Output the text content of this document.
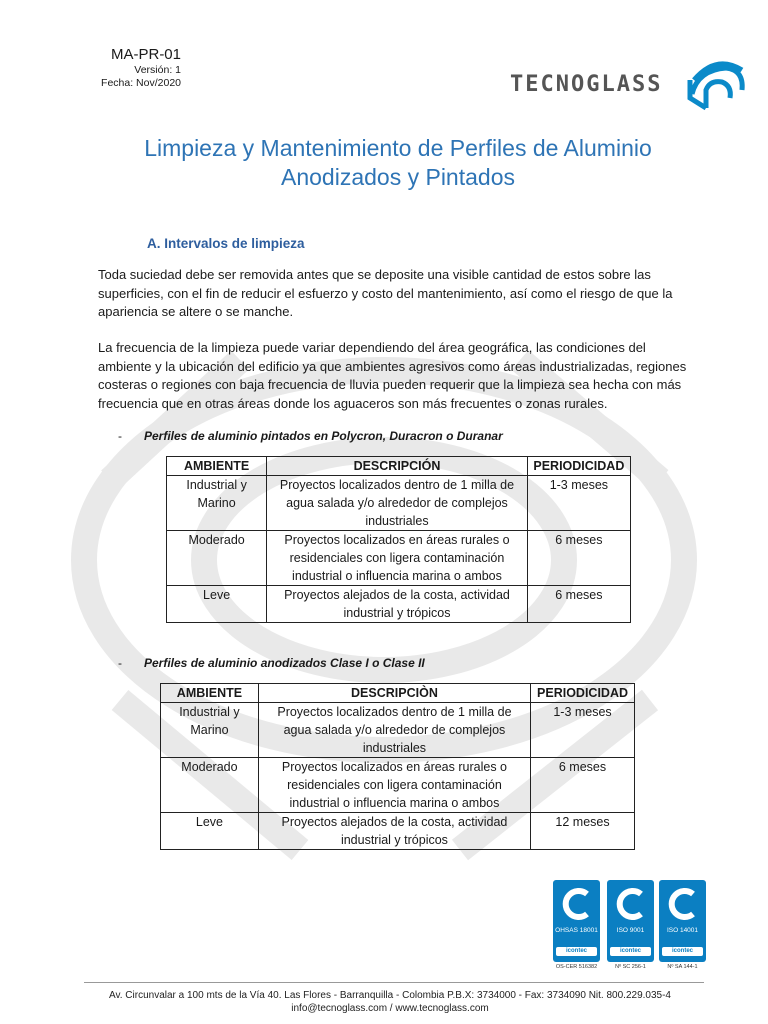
MA-PR-01
Versión: 1
Fecha: Nov/2020	TECNOGLASS
Limpieza y Mantenimiento de Perfiles de Aluminio
Anodizados y Pintados
A. Intervalos de limpieza
Toda suciedad debe ser removida antes que se deposite una visible cantidad de estos sobre las superficies, con el fin de reducir el esfuerzo y costo del mantenimiento, así como el riesgo de que la apariencia se altere o se manche.
La frecuencia de la limpieza puede variar dependiendo del área geográfica, las condiciones del ambiente y la ubicación del edificio ya que ambientes agresivos como áreas industrializadas, regiones costeras o regiones con baja frecuencia de lluvia pueden requerir que la limpieza sea hecha con más frecuencia que en otras áreas donde los aguaceros son más frecuentes o zonas rurales.
- Perfiles de aluminio pintados en Polycron, Duracron o Duranar
AMBIENTE	DESCRIPCIÓN	PERIODICIDAD
Industrial y Marino	Proyectos localizados dentro de 1 milla de agua salada y/o alrededor de complejos industriales	1-3 meses
Moderado	Proyectos localizados en áreas rurales o residenciales con ligera contaminación industrial o influencia marina o ambos	6 meses
Leve	Proyectos alejados de la costa, actividad industrial y trópicos	6 meses
- Perfiles de aluminio anodizados Clase I o Clase II
AMBIENTE	DESCRIPCIÒN	PERIODICIDAD
Industrial y Marino	Proyectos localizados dentro de 1 milla de agua salada y/o alrededor de complejos industriales	1-3 meses
Moderado	Proyectos localizados en áreas rurales o residenciales con ligera contaminación industrial o influencia marina o ambos	6 meses
Leve	Proyectos alejados de la costa, actividad industrial y trópicos	12 meses
OHSAS 18001
icontec
OS-CER 516382
ISO 9001
icontec
Nº SC 256-1
ISO 14001
icontec
Nº SA 144-1
Av. Circunvalar a 100 mts de la Vía 40. Las Flores - Barranquilla - Colombia P.B.X: 3734000 - Fax: 3734090 Nit. 800.229.035-4
info@tecnoglass.com / www.tecnoglass.com
